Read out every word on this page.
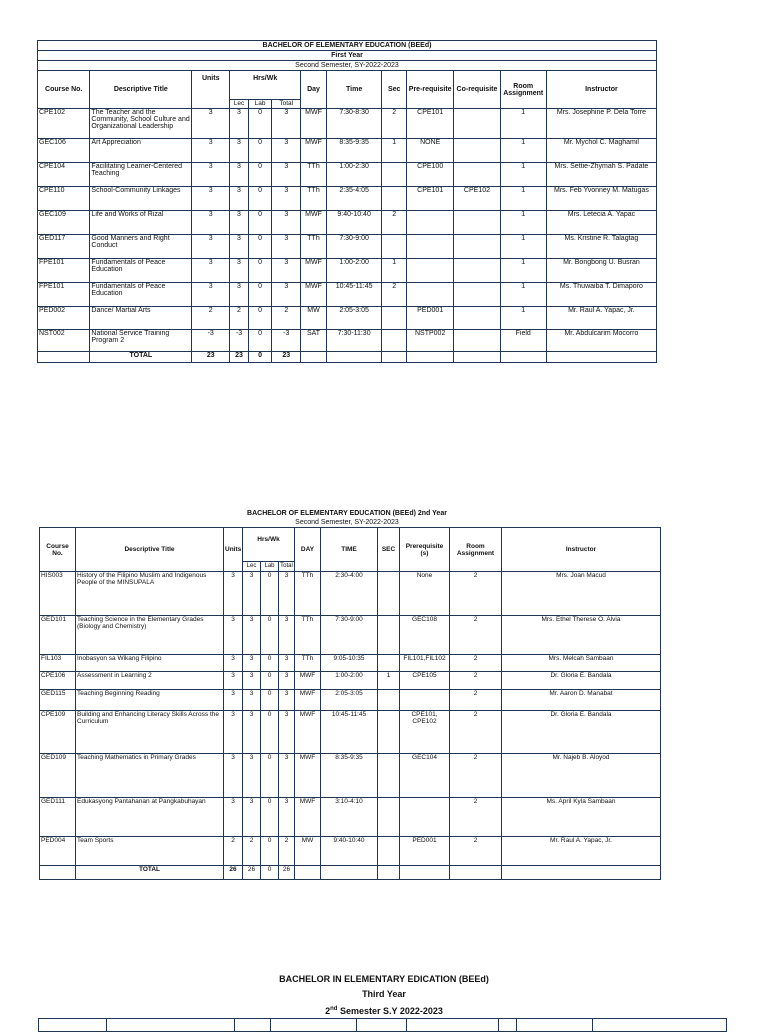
BACHELOR OF ELEMENTARY EDUCATION (BEEd)												
First Year												
Second Semester, SY-2022-2023												
Course No.	Descriptive Title	Units	Hrs/Wk			Day	Time	Sec	Pre-requisite	Co-requisite	Room Assignment	Instructor
			Lec	Lab	Total							
CPE102	The Teacher and the Community, School Culture and Organizational Leadership	3	3	0	3	MWF	7:30-8:30	2	CPE101		1	Mrs. Josephine P. Dela Torre
GEC106	Art Appreciation	3	3	0	3	MWF	8:35-9:35	1	NONE		1	Mr. Mychol C. Maghamil
CPE104	Facilitating Learner-Centered Teaching	3	3	0	3	TTh	1:00-2:30		CPE100		1	Mrs. Settie-Zhymah S. Padate
CPE110	School-Community Linkages	3	3	0	3	TTh	2:35-4:05		CPE101	CPE102	1	Mrs. Feb Yvonney M. Matugas
GEC109	Life and Works of Rizal	3	3	0	3	MWF	9:40-10:40	2			1	Mrs. Letecia A. Yapac
GED117	Good Manners and Right Conduct	3	3	0	3	TTh	7:30-9:00				1	Ms. Kristine R. Talagtag
FPE101	Fundamentals of Peace Education	3	3	0	3	MWF	1:00-2:00	1			1	Mr. Bongbong U. Busran
FPE101	Fundamentals of Peace Education	3	3	0	3	MWF	10:45-11:45	2			1	Ms. Thuwaiba T. Dimaporo
PED002	Dance/ Martial Arts	2	2	0	2	MW	2:05-3:05		PED001		1	Mr. Raul A. Yapac, Jr.
NST002	National Service Training Program 2	-3	-3	0	-3	SAT	7:30-11:30		NSTP002		Field	Mr. Abdulcarim Mocorro
	TOTAL	23	23	0	23							
BACHELOR OF ELEMENTARY EDUCATION (BEEd) 2nd Year
Second Semester, SY-2022-2023
Course No.	Descriptive Title	Units	Hrs/Wk			DAY	TIME	SEC	Prerequisite (s)	Room Assignment	Instructor
			Lec	Lab	Total						
HIS003	History of the Filipino Muslim and Indigenous People of the MINSUPALA	3	3	0	3	TTh	2:30-4:00		None	2	Mrs. Joan Macud
GED101	Teaching Science in the Elementary Grades (Biology and Chemistry)	3	3	0	3	TTh	7:30-9:00		GEC108	2	Mrs. Ethel Therese O. Alvia
FIL103	Inobasyon sa Wikang Filipino	3	3	0	3	TTh	9:05-10:35		FIL101,FIL102	2	Mrs. Melcah Sambaan
CPE106	Assessment in Learning 2	3	3	0	3	MWF	1:00-2:00	1	CPE105	2	Dr. Gloria E. Bandala
GED115	Teaching Beginning Reading	3	3	0	3	MWF	2:05-3:05			2	Mr. Aaron D. Manabat
CPE109	Building and Enhancing Literacy Skills Across the Curriculum	3	3	0	3	MWF	10:45-11:45		CPE101, CPE102	2	Dr. Gloria E. Bandala
GED109	Teaching Mathematics in Primary Grades	3	3	0	3	MWF	8:35-9:35		GEC104	2	Mr. Najeb B. Aloyod
GED111	Edukasyong Pantahanan at Pangkabuhayan	3	3	0	3	MWF	3:10-4:10			2	Ms. April Kyla Sambaan
PED004	Team Sports	2	2	0	2	MW	9:40-10:40		PED001	2	Mr. Raul A. Yapac, Jr.
	TOTAL	26	26	0	26						
BACHELOR IN ELEMENTARY EDICATION (BEEd)
Third Year
2nd Semester S.Y 2022-2023
